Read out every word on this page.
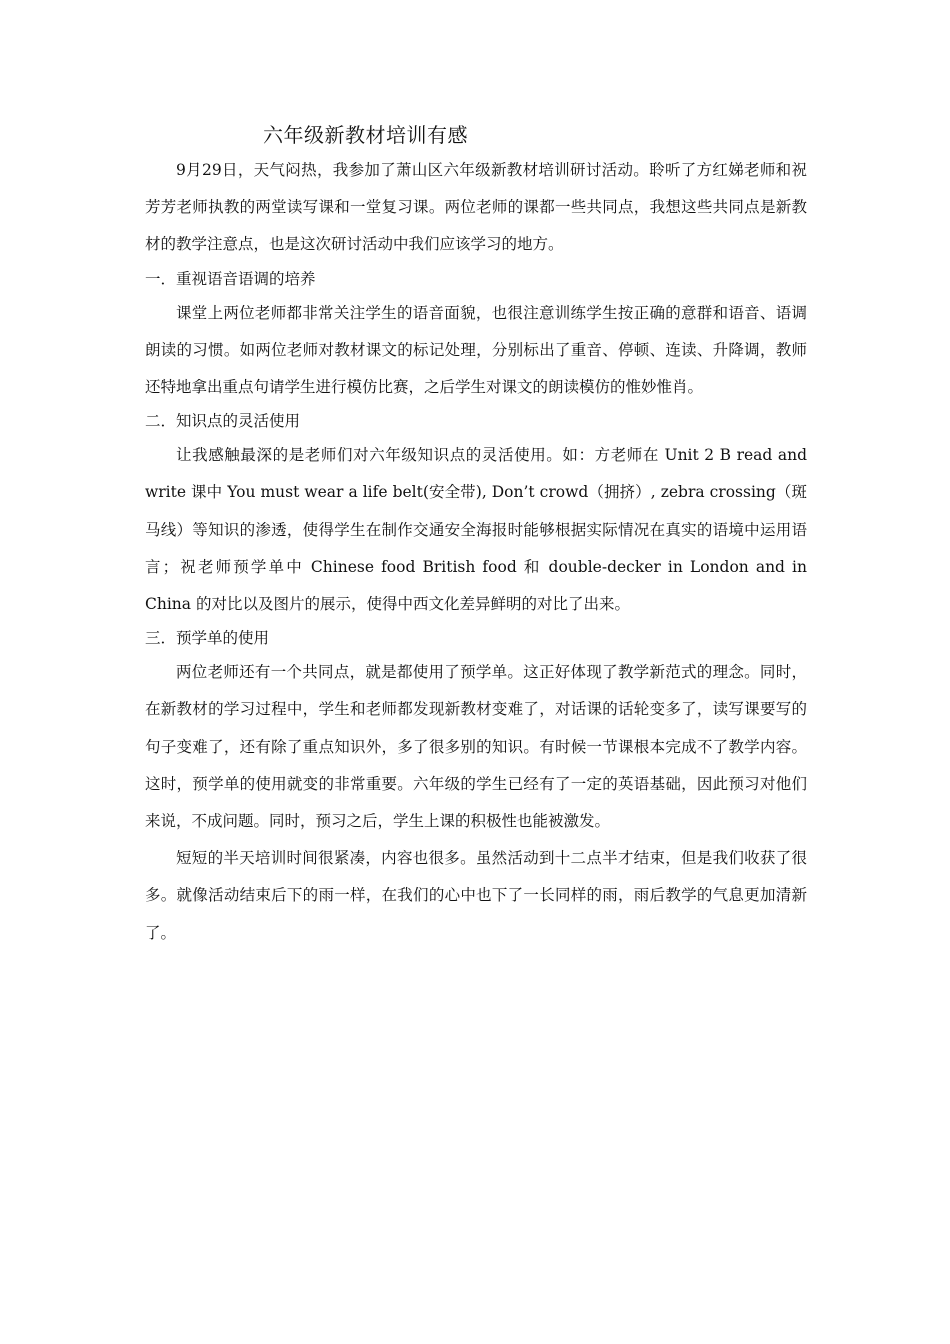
六年级新教材培训有感

9月29日，天气闷热，我参加了萧山区六年级新教材培训研讨活动。聆听了方红娣老师和祝芳芳老师执教的两堂读写课和一堂复习课。两位老师的课都一些共同点，我想这些共同点是新教材的教学注意点，也是这次研讨活动中我们应该学习的地方。

一．重视语音语调的培养

课堂上两位老师都非常关注学生的语音面貌，也很注意训练学生按正确的意群和语音、语调朗读的习惯。如两位老师对教材课文的标记处理，分别标出了重音、停顿、连读、升降调，教师还特地拿出重点句请学生进行模仿比赛，之后学生对课文的朗读模仿的惟妙惟肖。

二．知识点的灵活使用

让我感触最深的是老师们对六年级知识点的灵活使用。如：方老师在 Unit 2 B read and write 课中 You must wear a life belt(安全带), Don’t crowd（拥挤）, zebra crossing（斑马线）等知识的渗透，使得学生在制作交通安全海报时能够根据实际情况在真实的语境中运用语言；祝老师预学单中 Chinese food British food 和 double-decker in London and in China 的对比以及图片的展示，使得中西文化差异鲜明的对比了出来。

三．预学单的使用

两位老师还有一个共同点，就是都使用了预学单。这正好体现了教学新范式的理念。同时，在新教材的学习过程中，学生和老师都发现新教材变难了，对话课的话轮变多了，读写课要写的句子变难了，还有除了重点知识外，多了很多别的知识。有时候一节课根本完成不了教学内容。这时，预学单的使用就变的非常重要。六年级的学生已经有了一定的英语基础，因此预习对他们来说，不成问题。同时，预习之后，学生上课的积极性也能被激发。

短短的半天培训时间很紧凑，内容也很多。虽然活动到十二点半才结束，但是我们收获了很多。就像活动结束后下的雨一样，在我们的心中也下了一长同样的雨，雨后教学的气息更加清新了。
